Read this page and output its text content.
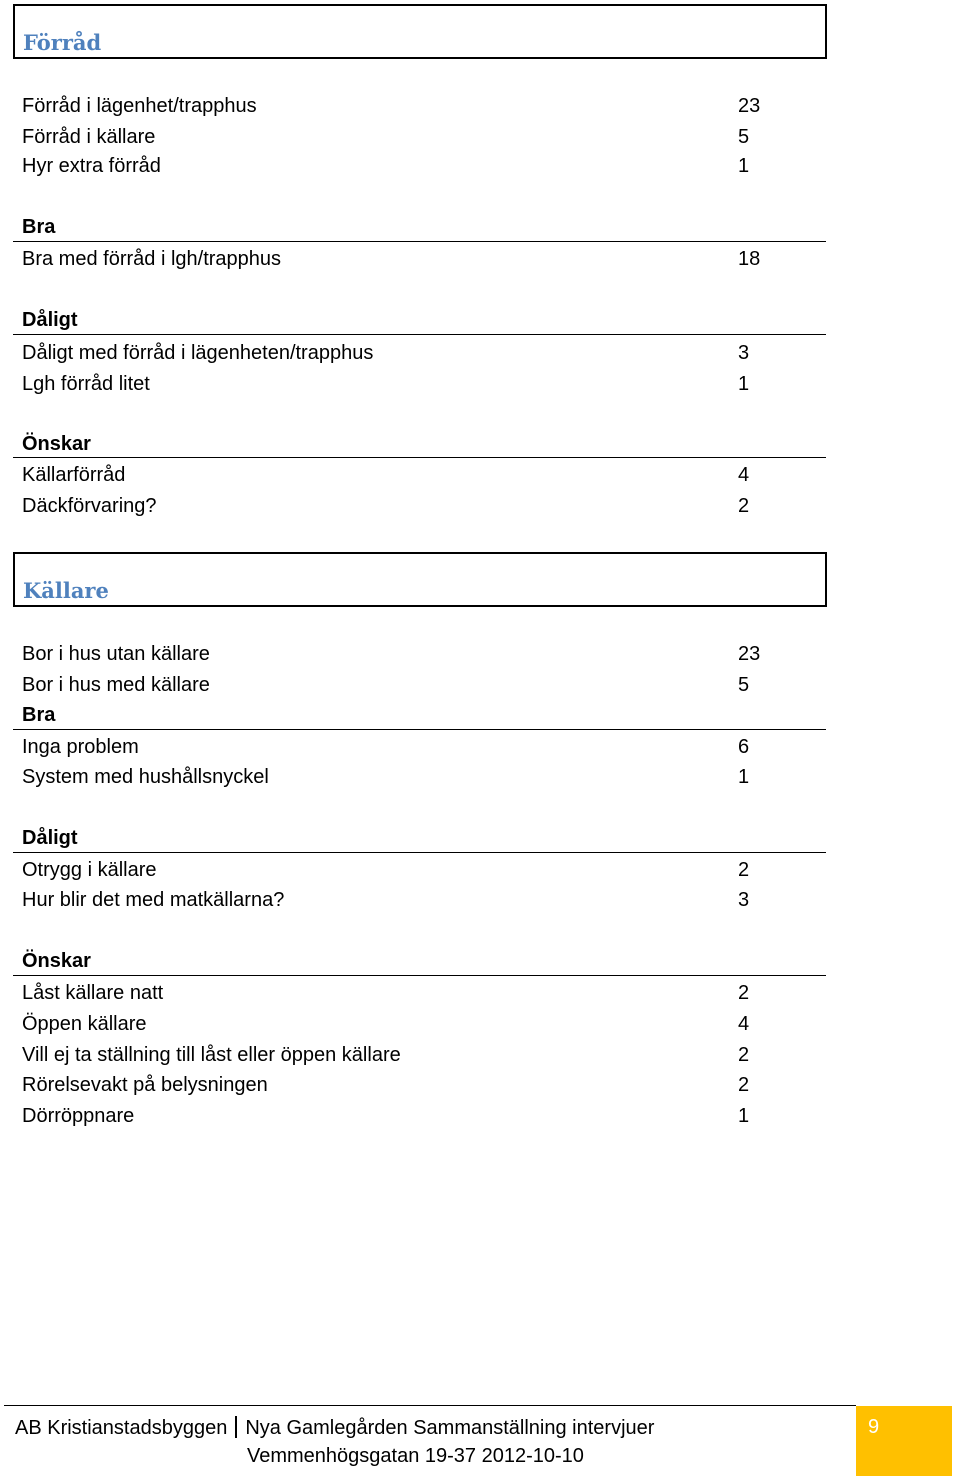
Förråd
Förråd i lägenhet/trapphus	23
Förråd i källare	5
Hyr extra förråd	1
Bra
Bra med förråd i lgh/trapphus	18
Dåligt
Dåligt med förråd i lägenheten/trapphus	3
Lgh förråd litet	1
Önskar
Källarförråd	4
Däckförvaring?	2
Källare
Bor i hus utan källare	23
Bor i hus med källare	5
Bra
Inga problem	6
System med hushållsnyckel	1
Dåligt
Otrygg i källare	2
Hur blir det med matkällarna?	3
Önskar
Låst källare natt	2
Öppen källare	4
Vill ej ta ställning till låst eller öppen källare	2
Rörelsevakt på belysningen	2
Dörröppnare	1
AB Kristianstadsbyggen Nya Gamlegården Sammanställning intervjuer
Vemmenhögsgatan 19-37 2012-10-10
9
